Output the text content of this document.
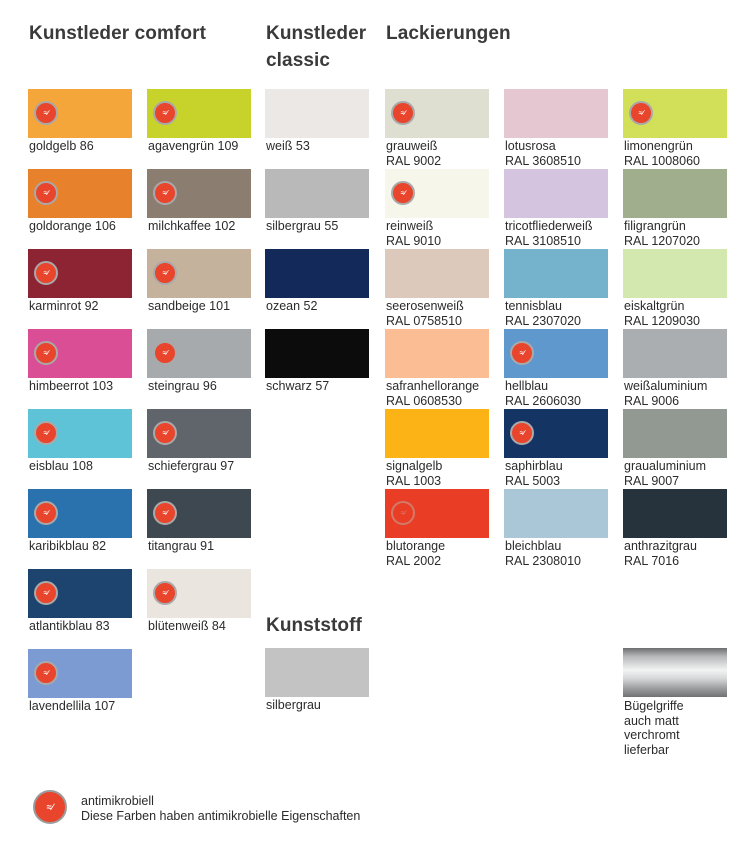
Kunstleder comfort	Kunstleder
classic
Lackierungen
Kunststoff
≈∕
goldgelb 86
≈∕
goldorange 106
≈∕
karminrot 92
≈∕
himbeerrot 103
≈∕
eisblau 108
≈∕
karibikblau 82
≈∕
atlantikblau 83
≈∕
lavendellila 107
≈∕
agavengrün 109
≈∕
milchkaffee 102
≈∕
sandbeige 101
≈∕
steingrau 96
≈∕
schiefergrau 97
≈∕
titangrau 91
≈∕
blütenweiß 84
weiß 53
silbergrau 55
ozean 52
schwarz 57
silbergrau
≈∕
grauweiß
RAL 9002
≈∕
reinweiß
RAL 9010
seerosenweiß
RAL 0758510
safranhellorange
RAL 0608530
signalgelb
RAL 1003
≈∕
blutorange
RAL 2002
lotusrosa
RAL 3608510
tricotfliederweiß
RAL 3108510
tennisblau
RAL 2307020
≈∕
hellblau
RAL 2606030
≈∕
saphirblau
RAL 5003
bleichblau
RAL 2308010
≈∕
limonengrün
RAL 1008060
filigrangrün
RAL 1207020
eiskaltgrün
RAL 1209030
weißaluminium
RAL 9006
graualuminium
RAL 9007
anthrazitgrau
RAL 7016
Bügelgriffe
auch matt
verchromt
lieferbar
≈∕ antimikrobiell
Diese Farben haben antimikrobielle Eigenschaften
